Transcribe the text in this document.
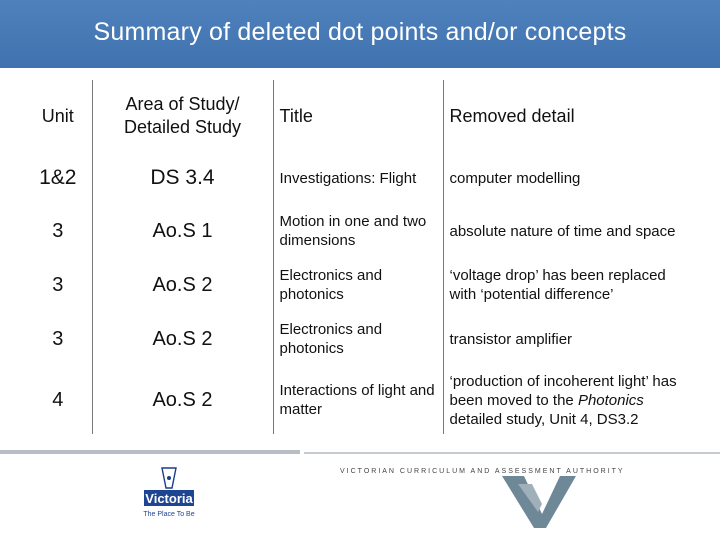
Summary of deleted dot points and/or concepts
Unit	Area of Study/ Detailed Study	Title	Removed detail
1&2	DS 3.4	Investigations: Flight	computer modelling
3	Ao.S 1	Motion in one and two dimensions	absolute nature of time and space
3	Ao.S 2	Electronics and photonics	‘voltage drop’ has been replaced with ‘potential difference’
3	Ao.S 2	Electronics and photonics	transistor amplifier
4	Ao.S 2	Interactions of light and matter	‘production of incoherent light’ has been moved to the Photonics detailed study, Unit 4, DS3.2
Victoria
The Place To Be
VICTORIAN CURRICULUM AND ASSESSMENT AUTHORITY
